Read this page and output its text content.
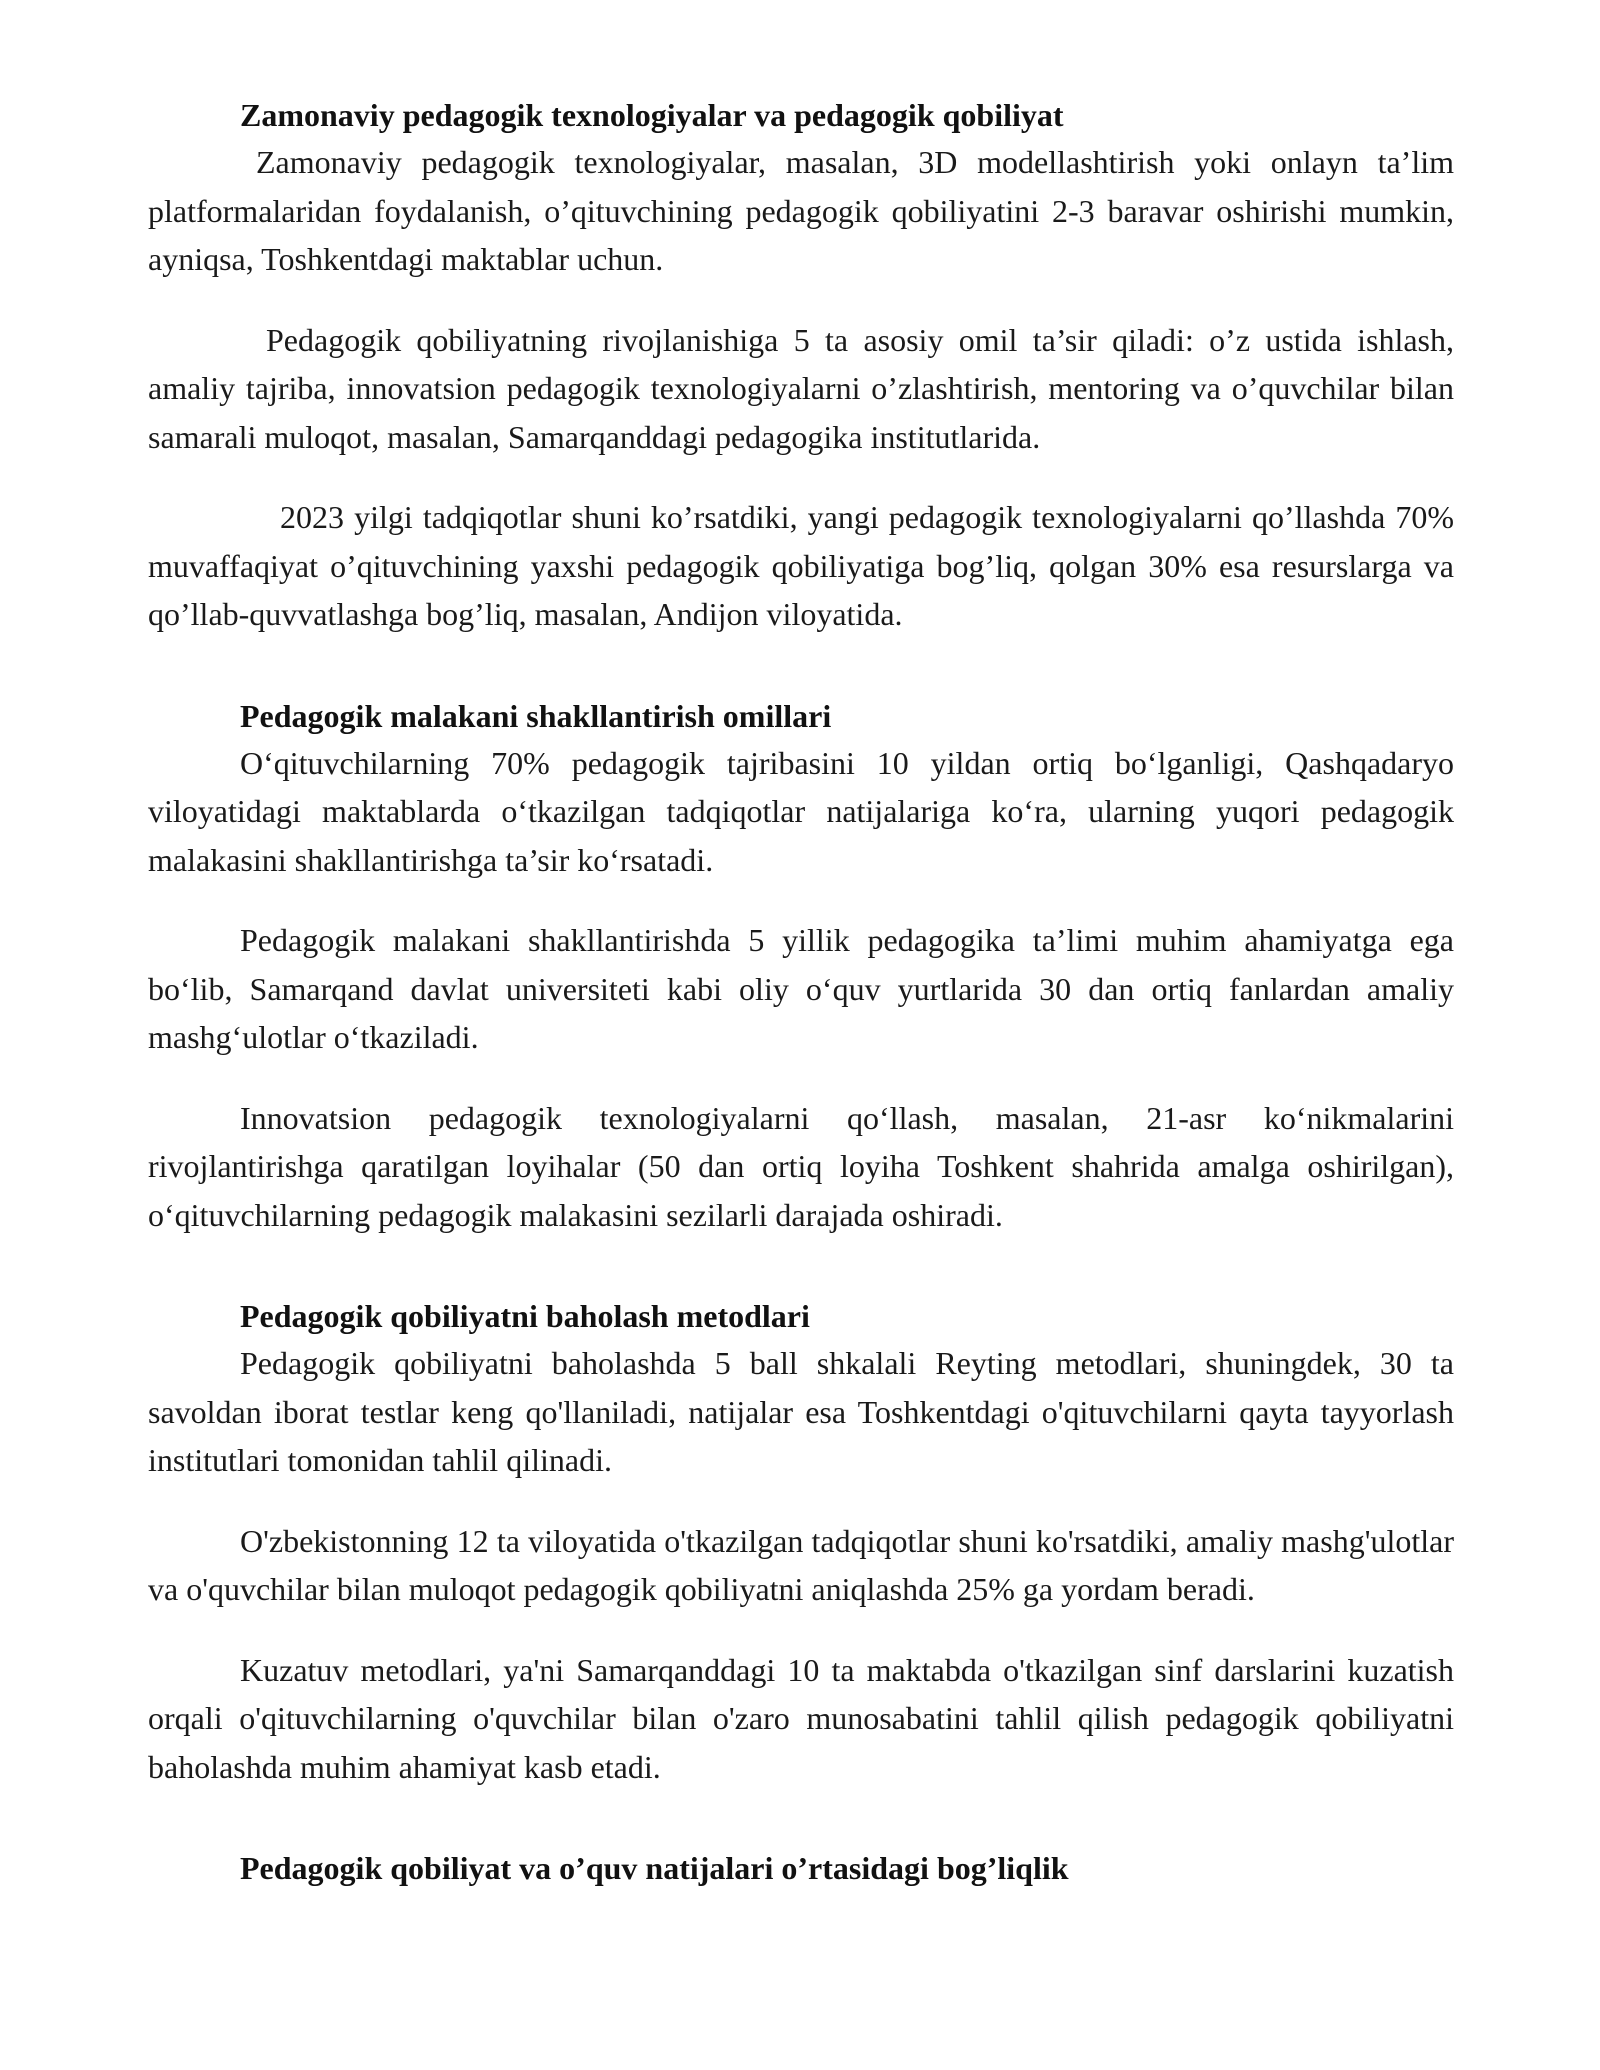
Zamonaviy pedagogik texnologiyalar va pedagogik qobiliyat

Zamonaviy pedagogik texnologiyalar, masalan, 3D modellashtirish yoki onlayn ta’lim platformalaridan foydalanish, o’qituvchining pedagogik qobiliyatini 2-3 baravar oshirishi mumkin, ayniqsa, Toshkentdagi maktablar uchun.

Pedagogik qobiliyatning rivojlanishiga 5 ta asosiy omil ta’sir qiladi: o’z ustida ishlash, amaliy tajriba, innovatsion pedagogik texnologiyalarni o’zlashtirish, mentoring va o’quvchilar bilan samarali muloqot, masalan, Samarqanddagi pedagogika institutlarida.

2023 yilgi tadqiqotlar shuni ko’rsatdiki, yangi pedagogik texnologiyalarni qo’llashda 70% muvaffaqiyat o’qituvchining yaxshi pedagogik qobiliyatiga bog’liq, qolgan 30% esa resurslarga va qo’llab-quvvatlashga bog’liq, masalan, Andijon viloyatida.

Pedagogik malakani shakllantirish omillari

O‘qituvchilarning 70% pedagogik tajribasini 10 yildan ortiq bo‘lganligi, Qashqadaryo viloyatidagi maktablarda o‘tkazilgan tadqiqotlar natijalariga ko‘ra, ularning yuqori pedagogik malakasini shakllantirishga ta’sir ko‘rsatadi.

Pedagogik malakani shakllantirishda 5 yillik pedagogika ta’limi muhim ahamiyatga ega bo‘lib, Samarqand davlat universiteti kabi oliy o‘quv yurtlarida 30 dan ortiq fanlardan amaliy mashg‘ulotlar o‘tkaziladi.

Innovatsion pedagogik texnologiyalarni qo‘llash, masalan, 21-asr ko‘nikmalarini rivojlantirishga qaratilgan loyihalar (50 dan ortiq loyiha Toshkent shahrida amalga oshirilgan), o‘qituvchilarning pedagogik malakasini sezilarli darajada oshiradi.

Pedagogik qobiliyatni baholash metodlari

Pedagogik qobiliyatni baholashda 5 ball shkalali Reyting metodlari, shuningdek, 30 ta savoldan iborat testlar keng qo'llaniladi, natijalar esa Toshkentdagi o'qituvchilarni qayta tayyorlash institutlari tomonidan tahlil qilinadi.

O'zbekistonning 12 ta viloyatida o'tkazilgan tadqiqotlar shuni ko'rsatdiki, amaliy mashg'ulotlar va o'quvchilar bilan muloqot pedagogik qobiliyatni aniqlashda 25% ga yordam beradi.

Kuzatuv metodlari, ya'ni Samarqanddagi 10 ta maktabda o'tkazilgan sinf darslarini kuzatish orqali o'qituvchilarning o'quvchilar bilan o'zaro munosabatini tahlil qilish pedagogik qobiliyatni baholashda muhim ahamiyat kasb etadi.

Pedagogik qobiliyat va o’quv natijalari o’rtasidagi bog’liqlik
